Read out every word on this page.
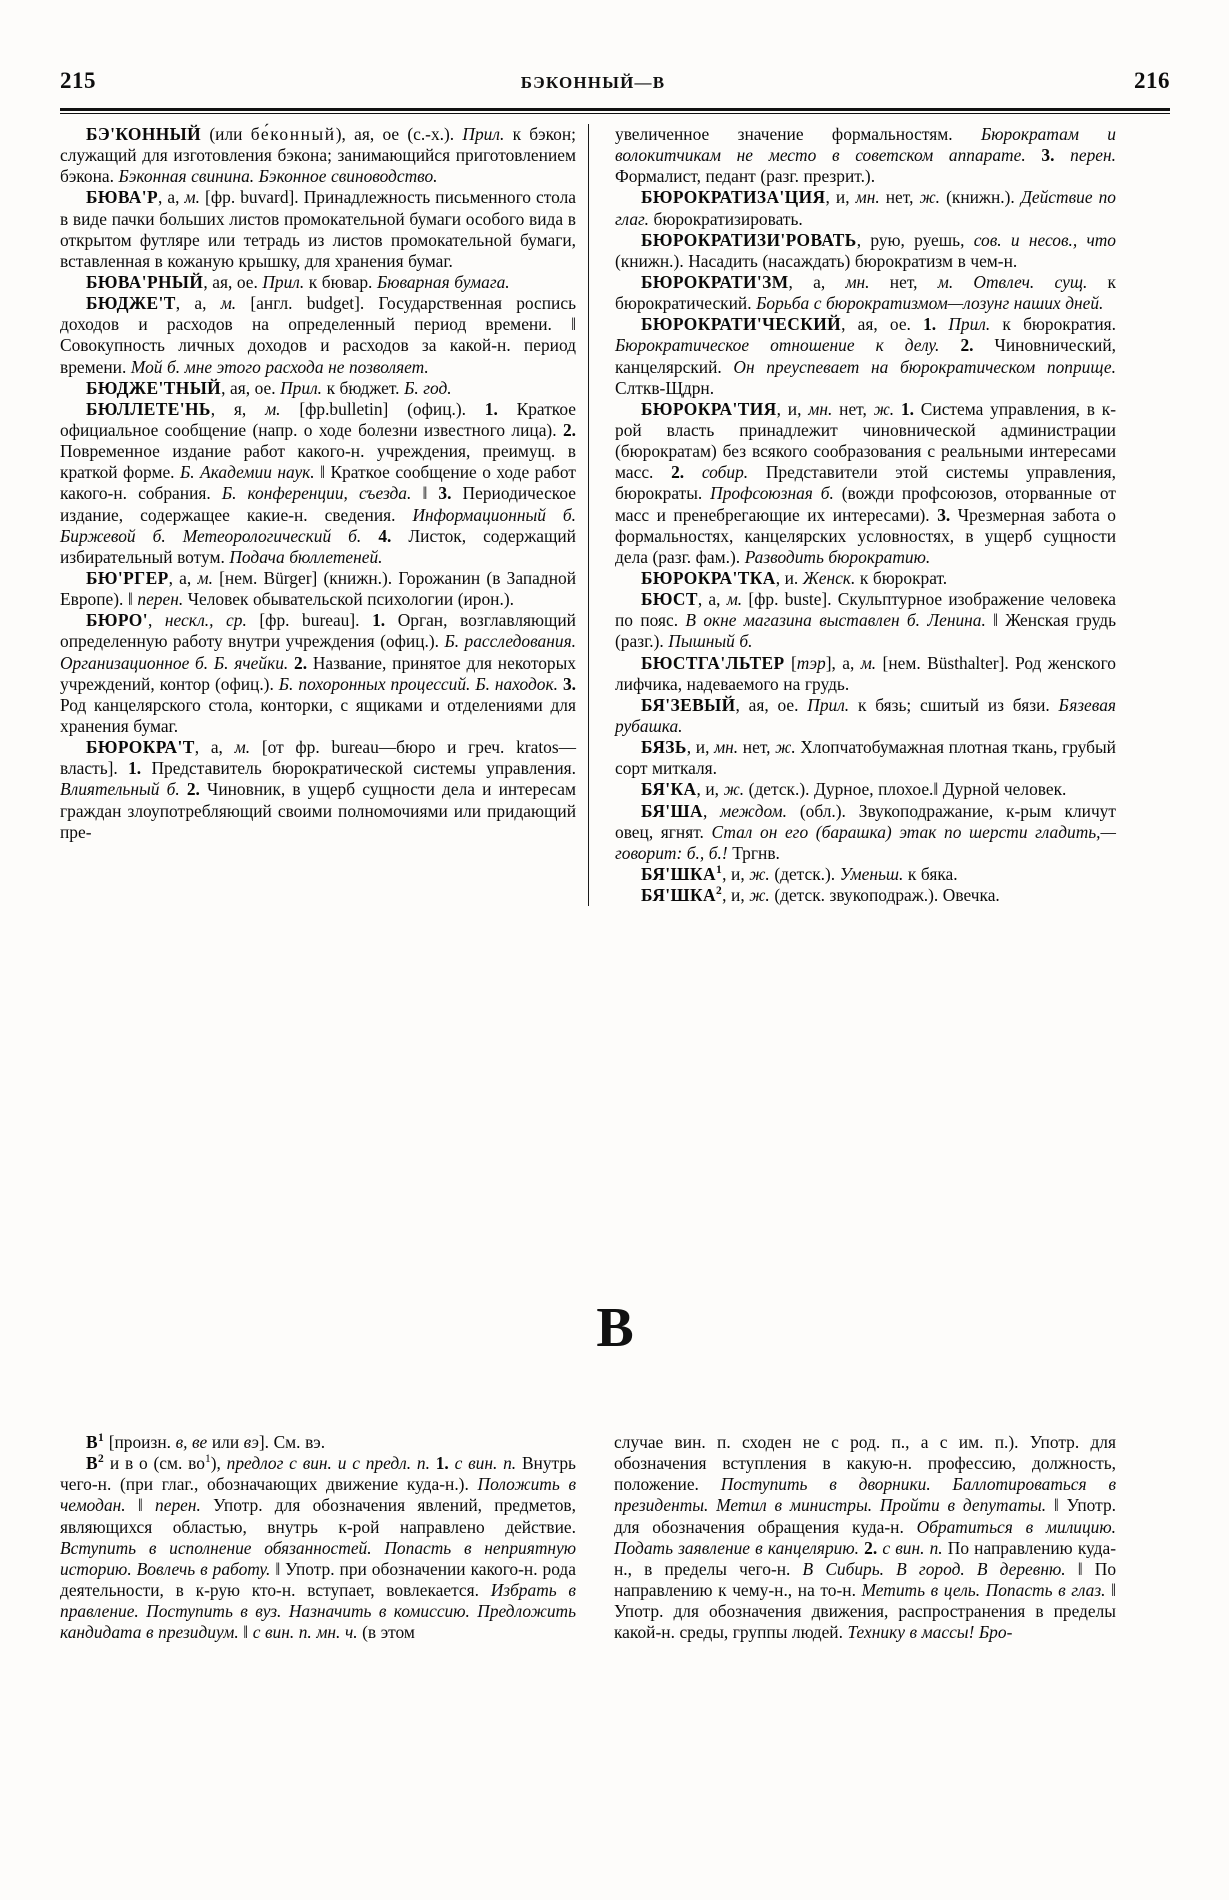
215	БЭКОННЫЙ—В	216

БЭ'КОННЫЙ (или бе́конный), ая, ое (с.-х.). Прил. к бэкон; служащий для изготовления бэкона; занимающийся приготовлением бэкона. Бэконная свинина. Бэконное свиноводство.

БЮВА'Р, а, м. [фр. buvard]. Принадлежность письменного стола в виде пачки больших листов промокательной бумаги особого вида в открытом футляре или тетрадь из листов промокательной бумаги, вставленная в кожаную крышку, для хранения бумаг.

БЮВА'РНЫЙ, ая, ое. Прил. к бювар. Бюварная бумага.

БЮДЖЕ'Т, а, м. [англ. budget]. Государственная роспись доходов и расходов на определенный период времени. ‖ Совокупность личных доходов и расходов за какой-н. период времени. Мой б. мне этого расхода не позволяет.

БЮДЖЕ'ТНЫЙ, ая, ое. Прил. к бюджет. Б. год.

БЮЛЛЕТЕ'НЬ, я, м. [фр.bulletin] (офиц.). 1. Краткое официальное сообщение (напр. о ходе болезни известного лица). 2. Повременное издание работ какого-н. учреждения, преимущ. в краткой форме. Б. Академии наук. ‖ Краткое сообщение о ходе работ какого-н. собрания. Б. конференции, съезда. ‖ 3. Периодическое издание, содержащее какие-н. сведения. Информационный б. Биржевой б. Метеорологический б. 4. Листок, содержащий избирательный вотум. Подача бюллетеней.

БЮ'РГЕР, а, м. [нем. Bürger] (книжн.). Горожанин (в Западной Европе). ‖ перен. Человек обывательской психологии (ирон.).

БЮРО', нескл., ср. [фр. bureau]. 1. Орган, возглавляющий определенную работу внутри учреждения (офиц.). Б. расследования. Организационное б. Б. ячейки. 2. Название, принятое для некоторых учреждений, контор (офиц.). Б. похоронных процессий. Б. находок. 3. Род канцелярского стола, конторки, с ящиками и отделениями для хранения бумаг.

БЮРОКРА'Т, а, м. [от фр. bureau—бюро и греч. kratos—власть]. 1. Представитель бюрократической системы управления. Влиятельный б. 2. Чиновник, в ущерб сущности дела и интересам граждан злоупотребляющий своими полномочиями или придающий пре-

увеличенное значение формальностям. Бюрократам и волокитчикам не место в советском аппарате. 3. перен. Формалист, педант (разг. презрит.).

БЮРОКРАТИЗА'ЦИЯ, и, мн. нет, ж. (книжн.). Действие по глаг. бюрократизировать.

БЮРОКРАТИЗИ'РОВАТЬ, рую, руешь, сов. и несов., что (книжн.). Насадить (насаждать) бюрократизм в чем-н.

БЮРОКРАТИ'ЗМ, а, мн. нет, м. Отвлеч. сущ. к бюрократический. Борьба с бюрократизмом—лозунг наших дней.

БЮРОКРАТИ'ЧЕСКИЙ, ая, ое. 1. Прил. к бюрократия. Бюрократическое отношение к делу. 2. Чиновнический, канцелярский. Он преуспевает на бюрократическом поприще. Слткв-Щдрн.

БЮРОКРА'ТИЯ, и, мн. нет, ж. 1. Система управления, в к-рой власть принадлежит чиновнической администрации (бюрократам) без всякого сообразования с реальными интересами масс. 2. собир. Представители этой системы управления, бюрократы. Профсоюзная б. (вожди профсоюзов, оторванные от масс и пренебрегающие их интересами). 3. Чрезмерная забота о формальностях, канцелярских условностях, в ущерб сущности дела (разг. фам.). Разводить бюрократию.

БЮРОКРА'ТКА, и. Женск. к бюрократ.

БЮСТ, а, м. [фр. buste]. Скульптурное изображение человека по пояс. В окне магазина выставлен б. Ленина. ‖ Женская грудь (разг.). Пышный б.

БЮСТГА'ЛЬТЕР [тэр], а, м. [нем. Büsthalter]. Род женского лифчика, надеваемого на грудь.

БЯ'ЗЕВЫЙ, ая, ое. Прил. к бязь; сшитый из бязи. Бязевая рубашка.

БЯЗЬ, и, мн. нет, ж. Хлопчатобумажная плотная ткань, грубый сорт миткаля.

БЯ'КА, и, ж. (детск.). Дурное, плохое.‖ Дурной человек.

БЯ'ША, междом. (обл.). Звукоподражание, к-рым кличут овец, ягнят. Стал он его (барашка) этак по шерсти гладить,—говорит: б., б.! Тргнв.

БЯ'ШКА$^1$, и, ж. (детск.). Уменьш. к бяка.

БЯ'ШКА$^2$, и, ж. (детск. звукоподраж.). Овечка.

В

$В^1$ [произн. в, ве или вэ]. См. вэ.

$В^2$ и в о (см. $во^1$), предлог с вин. и с предл. п. 1. с вин. п. Внутрь чего-н. (при глаг., обозначающих движение куда-н.). Положить в чемодан. ‖ перен. Употр. для обозначения явлений, предметов, являющихся областью, внутрь к-рой направлено действие. Вступить в исполнение обязанностей. Попасть в неприятную историю. Вовлечь в работу. ‖ Употр. при обозначении какого-н. рода деятельности, в к-рую кто-н. вступает, вовлекается. Избрать в правление. Поступить в вуз. Назначить в комиссию. Предложить кандидата в президиум. ‖ с вин. п. мн. ч. (в этом

случае вин. п. сходен не с род. п., а с им. п.). Употр. для обозначения вступления в какую-н. профессию, должность, положение. Поступить в дворники. Баллотироваться в президенты. Метил в министры. Пройти в депутаты. ‖ Употр. для обозначения обращения куда-н. Обратиться в милицию. Подать заявление в канцелярию. 2. с вин. п. По направлению куда-н., в пределы чего-н. В Сибирь. В город. В деревню. ‖ По направлению к чему-н., на то-н. Метить в цель. Попасть в глаз. ‖ Употр. для обозначения движения, распространения в пределы какой-н. среды, группы людей. Технику в массы! Бро-
